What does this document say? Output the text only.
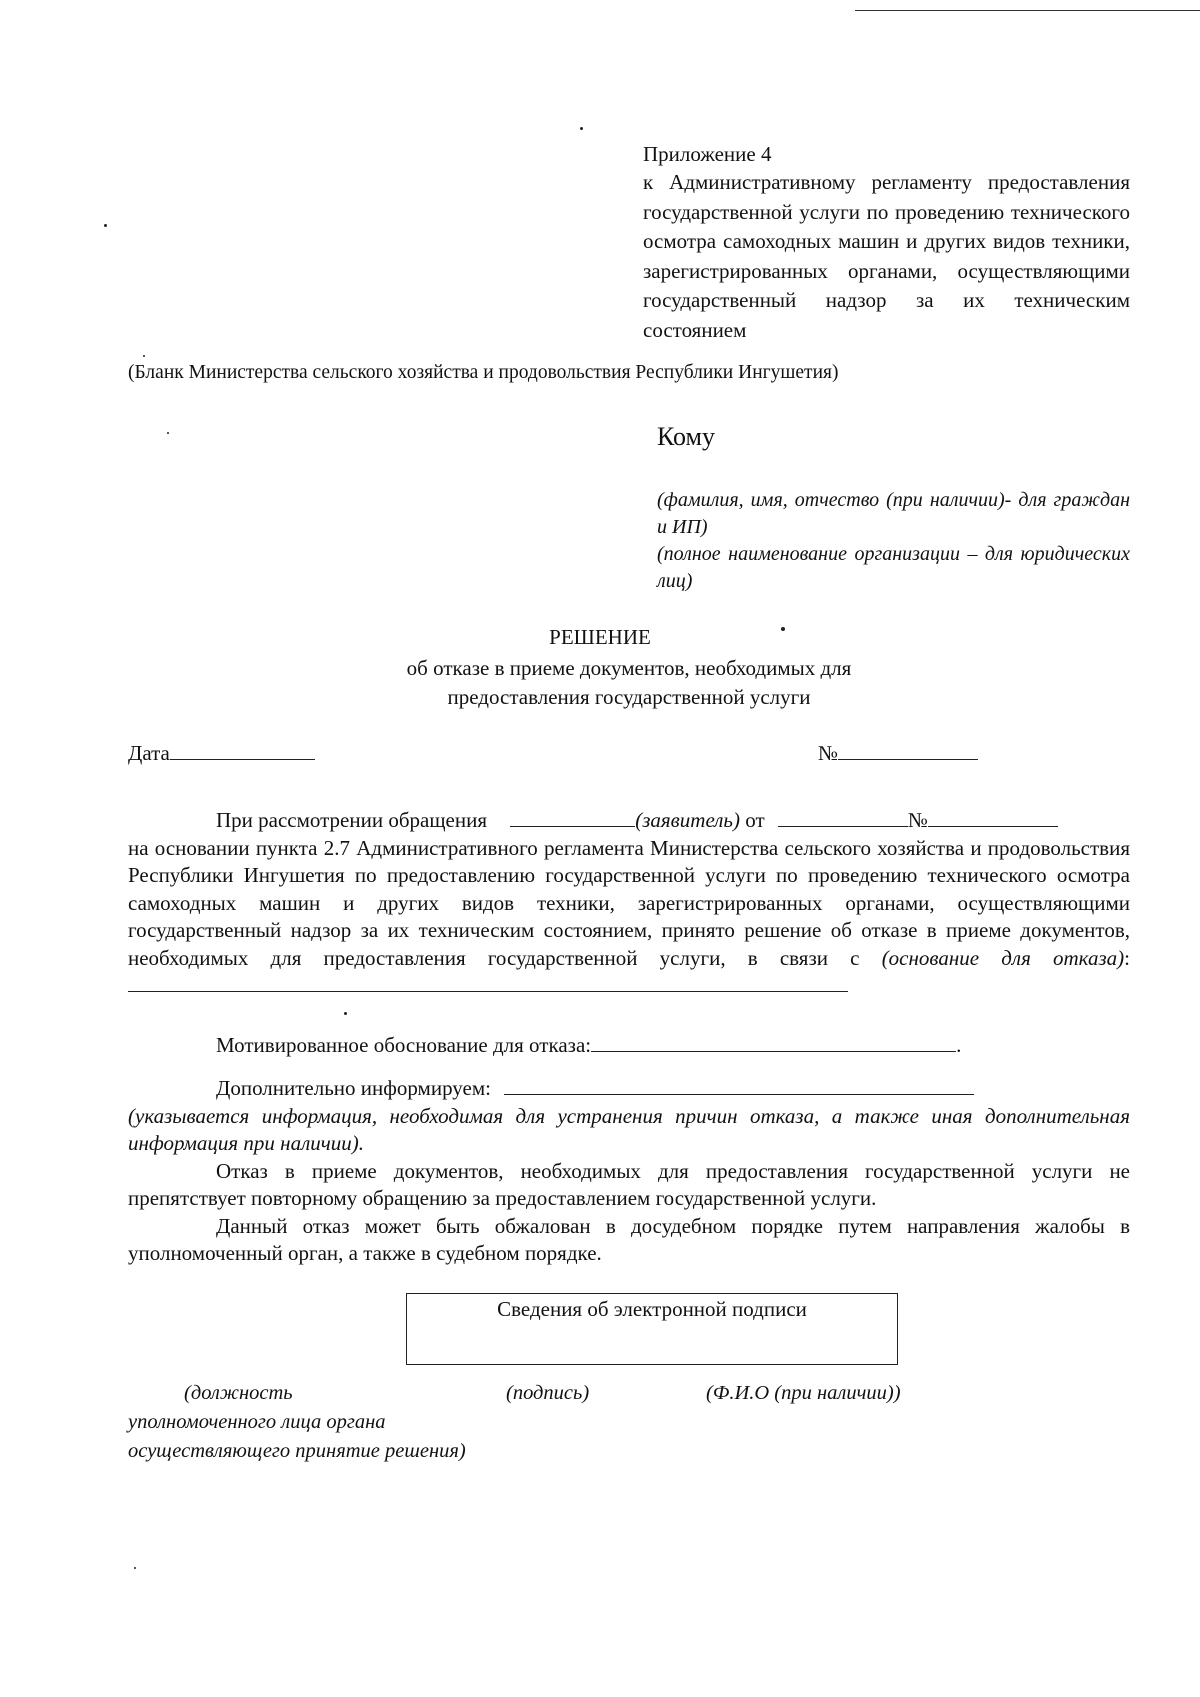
Приложение 4
к Административному регламенту предоставления государственной услуги по проведению технического осмотра самоходных машин и других видов техники, зарегистрированных органами, осуществляющими государственный надзор за их техническим состоянием
(Бланк Министерства сельского хозяйства и продовольствия Республики Ингушетия)
Кому

(фамилия, имя, отчество (при наличии)- для граждан и ИП)

(полное наименование организации – для юридических лиц)

РЕШЕНИЕ
об отказе в приеме документов, необходимых для
предоставления государственной услуги
Дата	№

При рассмотрении обращения	(заявитель) от	№

на основании пункта 2.7 Административного регламента Министерства сельского хозяйства и продовольствия Республики Ингушетия по предоставлению государственной услуги по проведению технического осмотра самоходных машин и других видов техники, зарегистрированных органами, осуществляющими государственный надзор за их техническим состоянием, принято решение об отказе в приеме документов, необходимых для предоставления государственной услуги, в связи с (основание для отказа):

Мотивированное обоснование для отказа:	.

Дополнительно информируем:

(указывается информация, необходимая для устранения причин отказа, а также иная дополнительная информация при наличии).

Отказ в приеме документов, необходимых для предоставления государственной услуги не препятствует повторному обращению за предоставлением государственной услуги.

Данный отказ может быть обжалован в досудебном порядке путем направления жалобы в уполномоченный орган, а также в судебном порядке.

Сведения об электронной подписи
(должность
уполномоченного лица органа
осуществляющего принятие решения)
(подпись)	(Ф.И.О (при наличии))
